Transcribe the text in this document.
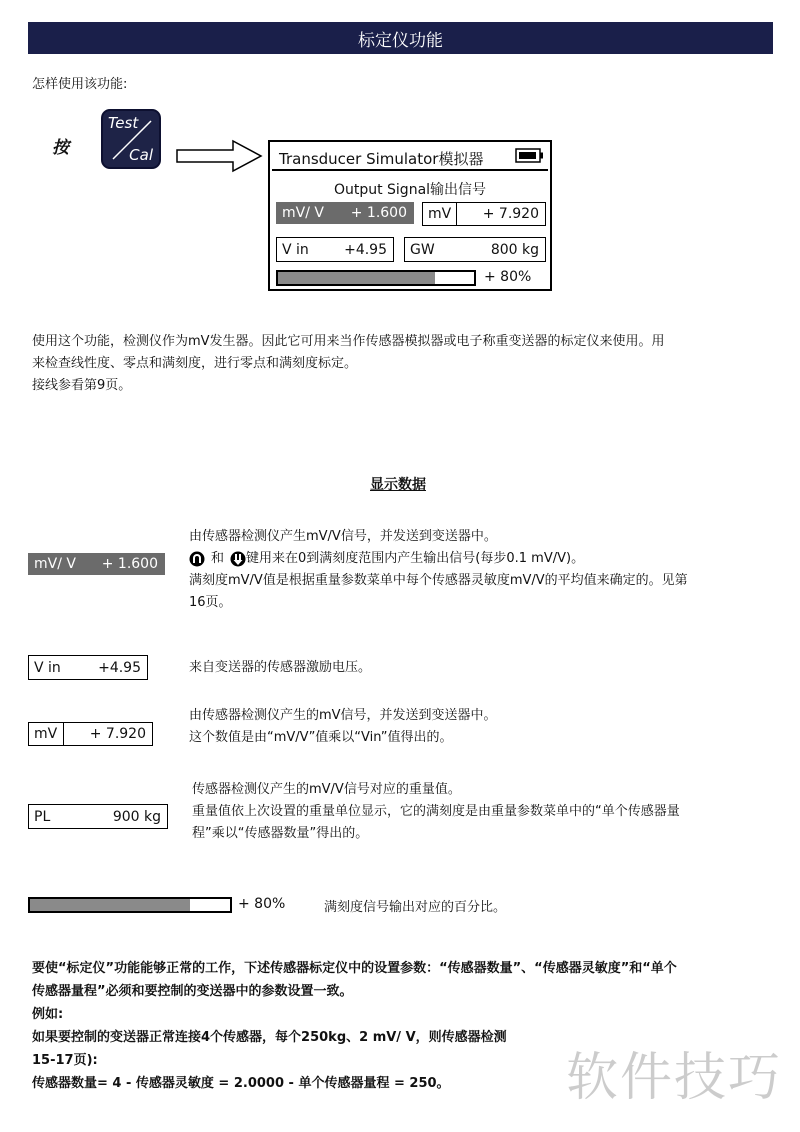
标定仪功能
怎样使用该功能:
按
Test
Cal	Transducer Simulator模拟器
Output Signal输出信号
mV/ V + 1.600	mV	+ 7.920
V in	+4.95	GW	800 kg
+ 80%
使用这个功能，检测仪作为mV发生器。因此它可用来当作传感器模拟器或电子称重变送器的标定仪来使用。用
来检查线性度、零点和满刻度，进行零点和满刻度标定。
接线参看第9页。
显示数据
mV/ V + 1.600
由传感器检测仪产生mV/V信号，并发送到变送器中。
和 键用来在0到满刻度范围内产生输出信号(每步0.1 mV/V)。
满刻度mV/V值是根据重量参数菜单中每个传感器灵敏度mV/V的平均值来确定的。见第
16页。
V in	+4.95	来自变送器的传感器激励电压。
mV	+ 7.920
由传感器检测仪产生的mV信号，并发送到变送器中。
这个数值是由“mV/V”值乘以“Vin”值得出的。
PL	900 kg
传感器检测仪产生的mV/V信号对应的重量值。
重量值依上次设置的重量单位显示，它的满刻度是由重量参数菜单中的“单个传感器量
程”乘以“传感器数量”得出的。
+ 80%	满刻度信号输出对应的百分比。
要使“标定仪”功能能够正常的工作，下述传感器标定仪中的设置参数：“传感器数量”、“传感器灵敏度”和“单个
传感器量程”必须和要控制的变送器中的参数设置一致。
例如:
如果要控制的变送器正常连接4个传感器，每个250kg、2 mV/ V，则传感器检测
15-17页):
传感器数量= 4 - 传感器灵敏度 = 2.0000 - 单个传感器量程 = 250。	软件技巧
